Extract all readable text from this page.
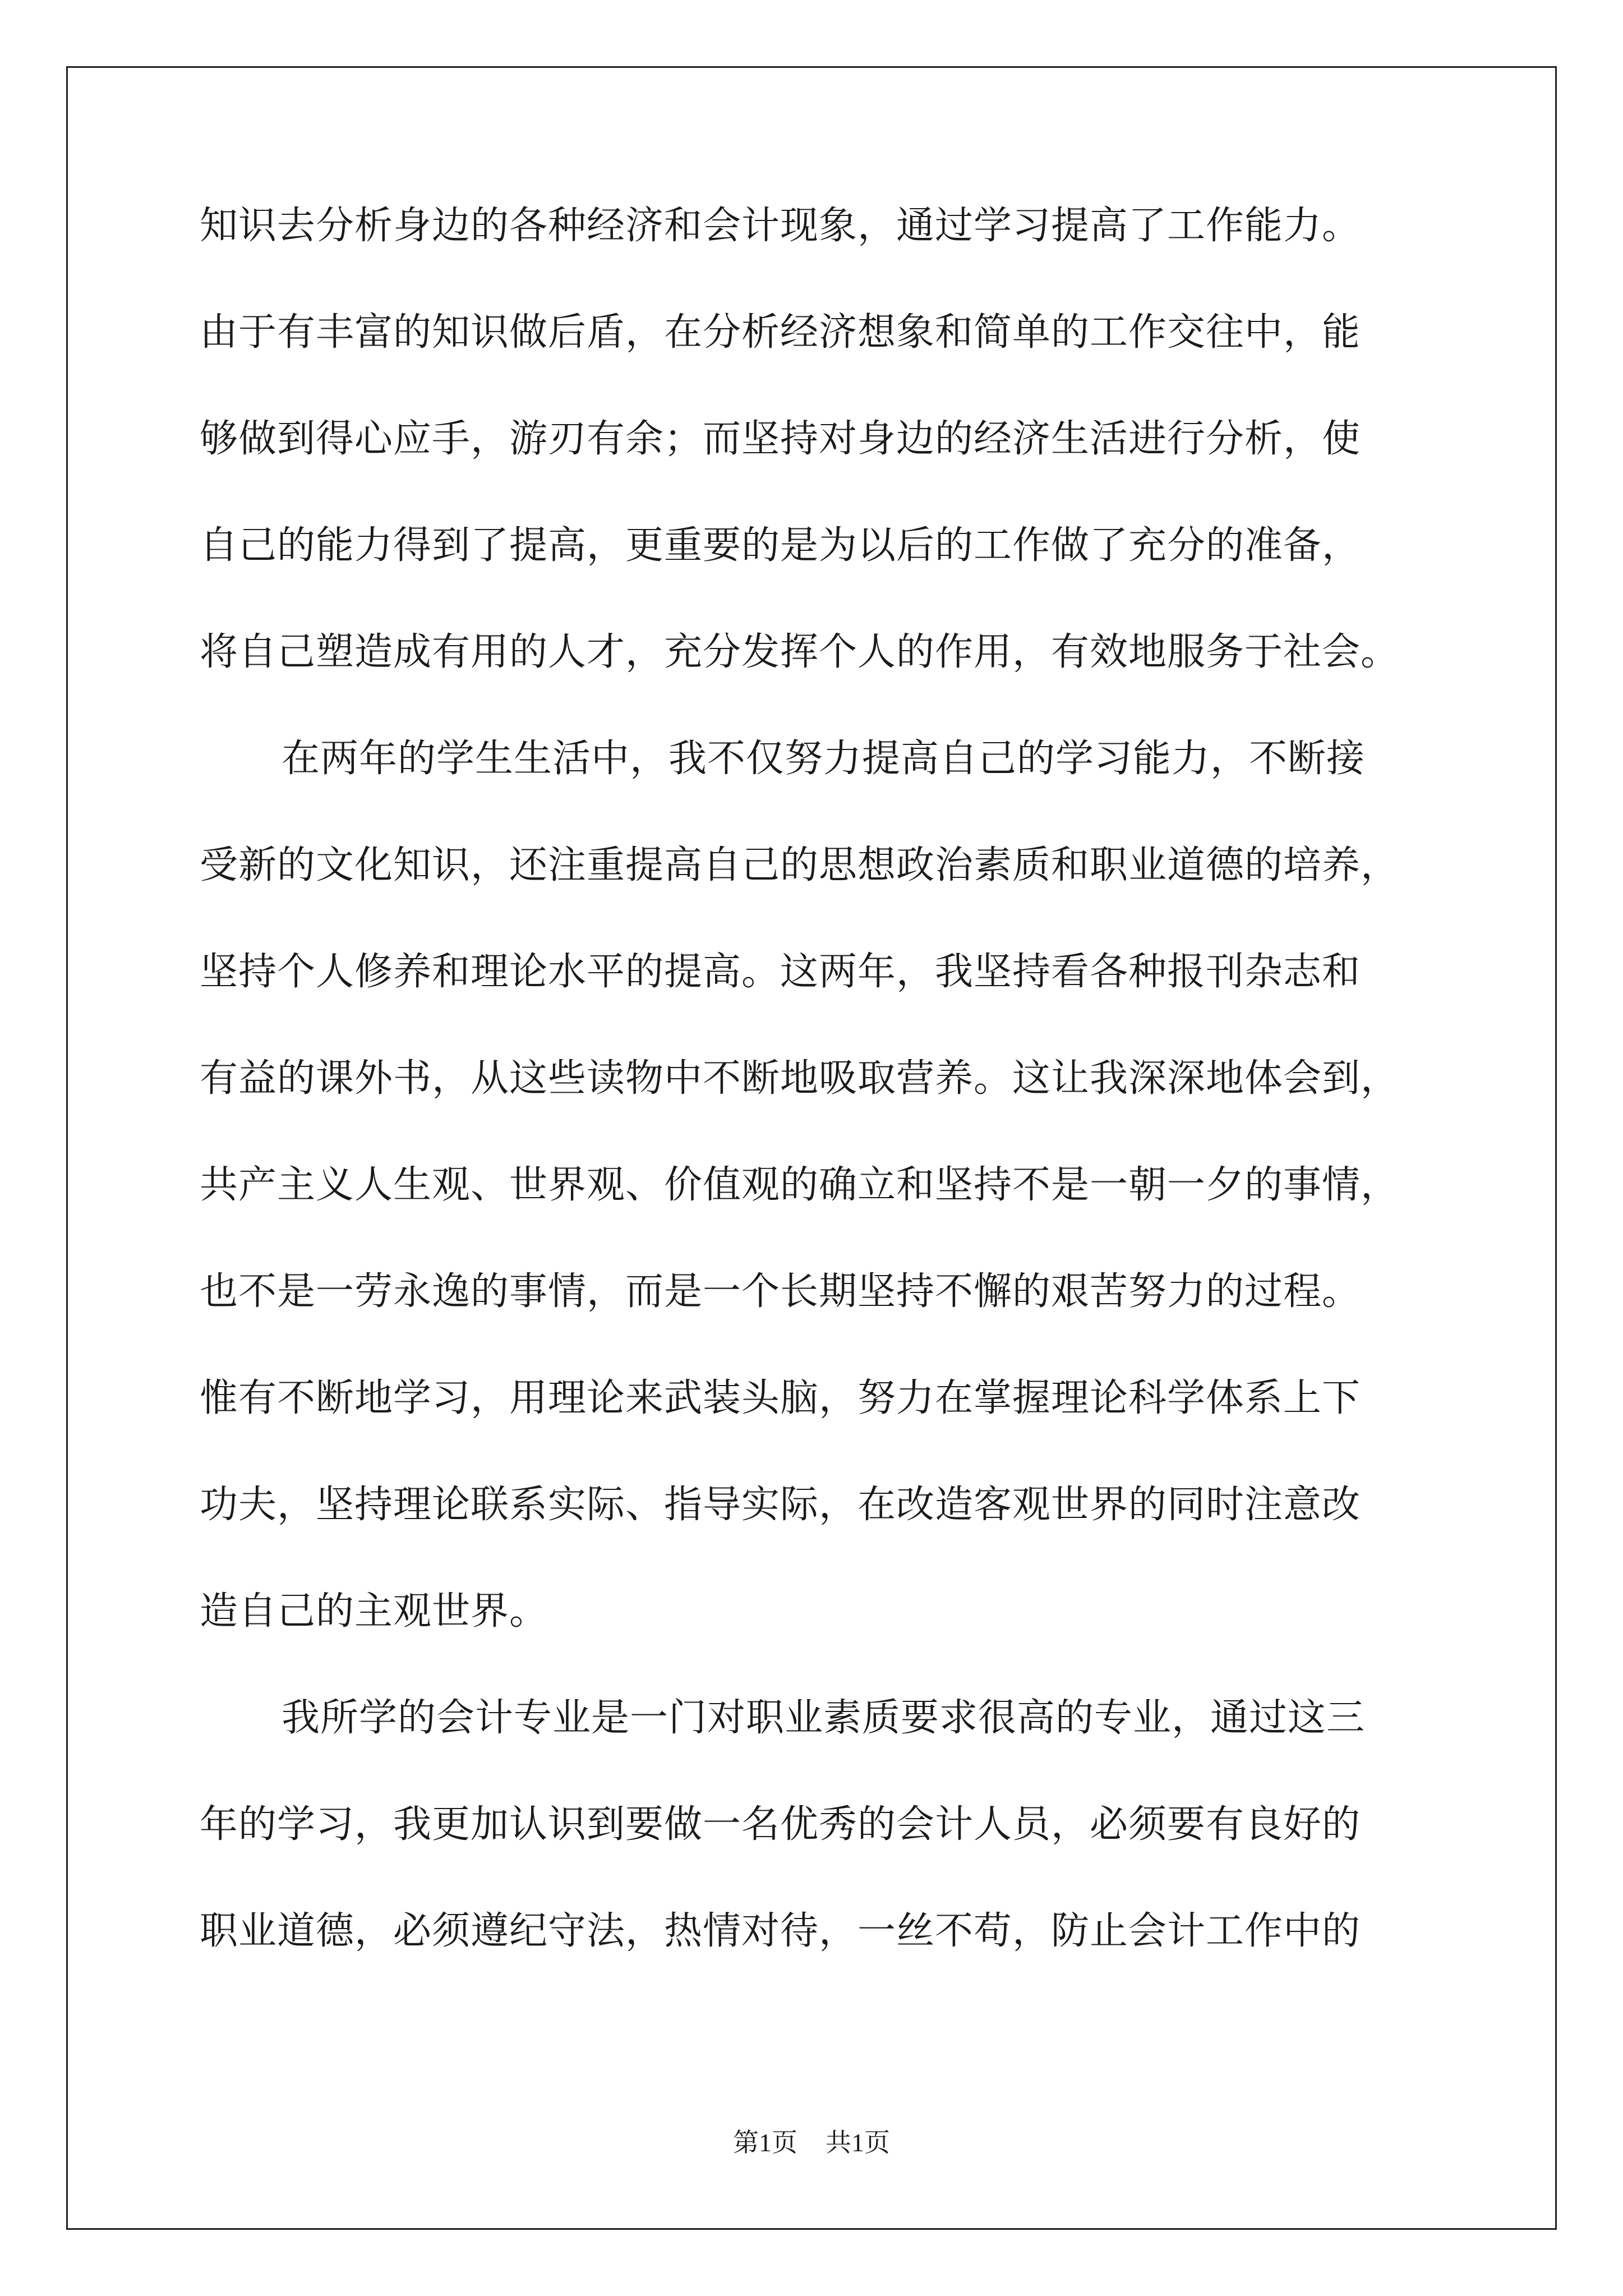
知识去分析身边的各种经济和会计现象，通过学习提高了工作能力。
由于有丰富的知识做后盾，在分析经济想象和简单的工作交往中，能
够做到得心应手，游刃有余；而坚持对身边的经济生活进行分析，使
自己的能力得到了提高，更重要的是为以后的工作做了充分的准备，
将自己塑造成有用的人才，充分发挥个人的作用，有效地服务于社会。
在两年的学生生活中，我不仅努力提高自己的学习能力，不断接
受新的文化知识，还注重提高自己的思想政治素质和职业道德的培养，
坚持个人修养和理论水平的提高。这两年，我坚持看各种报刊杂志和
有益的课外书，从这些读物中不断地吸取营养。这让我深深地体会到，
共产主义人生观、世界观、价值观的确立和坚持不是一朝一夕的事情，
也不是一劳永逸的事情，而是一个长期坚持不懈的艰苦努力的过程。
惟有不断地学习，用理论来武装头脑，努力在掌握理论科学体系上下
功夫，坚持理论联系实际、指导实际，在改造客观世界的同时注意改
造自己的主观世界。
我所学的会计专业是一门对职业素质要求很高的专业，通过这三
年的学习，我更加认识到要做一名优秀的会计人员，必须要有良好的
职业道德，必须遵纪守法，热情对待，一丝不苟，防止会计工作中的
第1页 共1页
